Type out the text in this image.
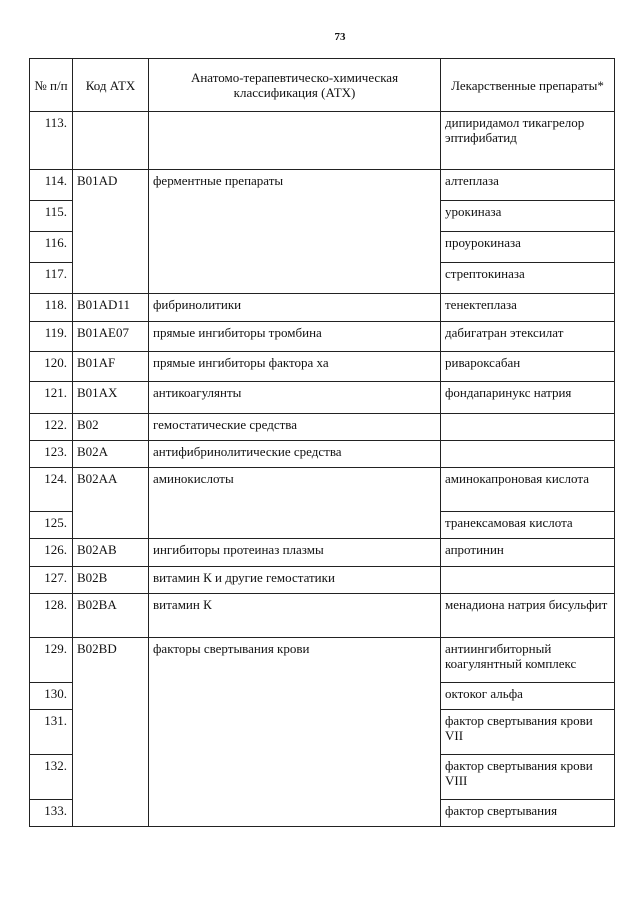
73
№ п/п	Код АТХ	Анатомо-терапевтическо-химическая классификация (АТХ)	Лекарственные препараты*
113.			дипиридамол тикагрелор эптифибатид
114.	B01AD	ферментные препараты	алтеплаза
115.			урокиназа
116.			проурокиназа
117.			стрептокиназа
118.	B01AD11	фибринолитики	тенектеплаза
119.	B01AE07	прямые ингибиторы тромбина	дабигатран этексилат
120.	B01AF	прямые ингибиторы фактора ха	ривароксабан
121.	B01AX	антикоагулянты	фондапаринукс натрия
122.	B02	гемостатические средства	
123.	B02A	антифибринолитические средства	
124.	B02AA	аминокислоты	аминокапроновая кислота
125.			транексамовая кислота
126.	B02AB	ингибиторы протеиназ плазмы	апротинин
127.	B02B	витамин К и другие гемостатики	
128.	B02BA	витамин К	менадиона натрия бисульфит
129.	B02BD	факторы свертывания крови	антиингибиторный коагулянтный комплекс
130.			октоког альфа
131.			фактор свертывания крови VII
132.			фактор свертывания крови VIII
133.			фактор свертывания
